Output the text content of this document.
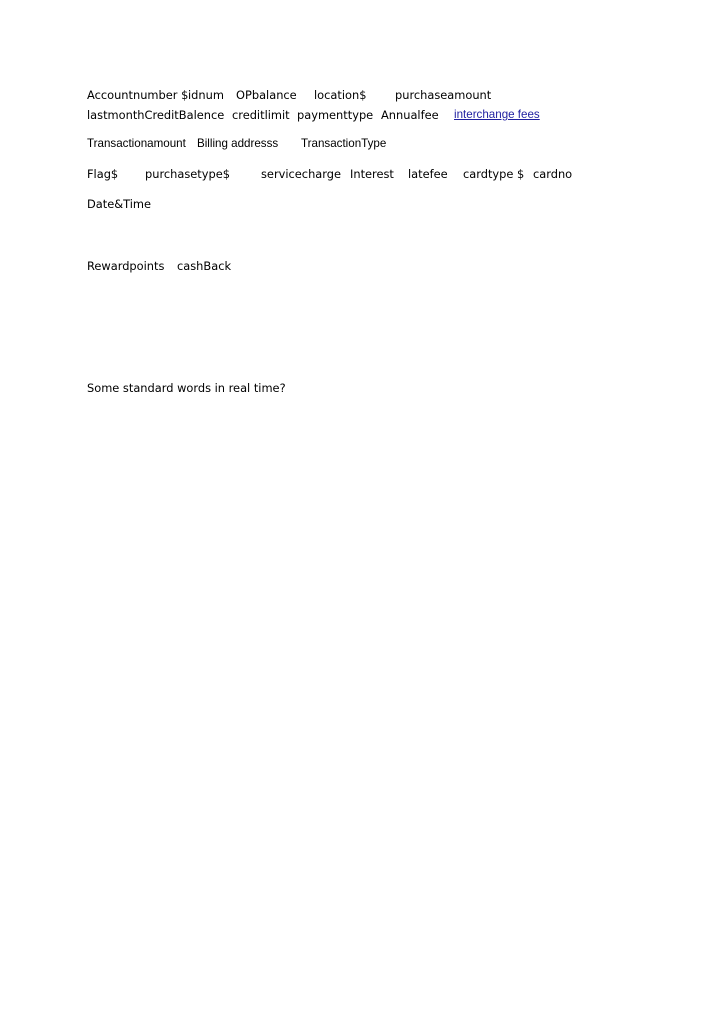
Accountnumber $

idnum

OPbalance

location$

	purchaseamount

lastmonthCreditBalence

creditlimit

paymenttype

Annualfee

interchange fees

Transactionamount

Billing addresss

TransactionType

Flag$

purchasetype$

	servicecharge

Interest

latefee

cardtype $

cardno

Date&Time

Rewardpoints

cashBack

Some standard words in real time?
